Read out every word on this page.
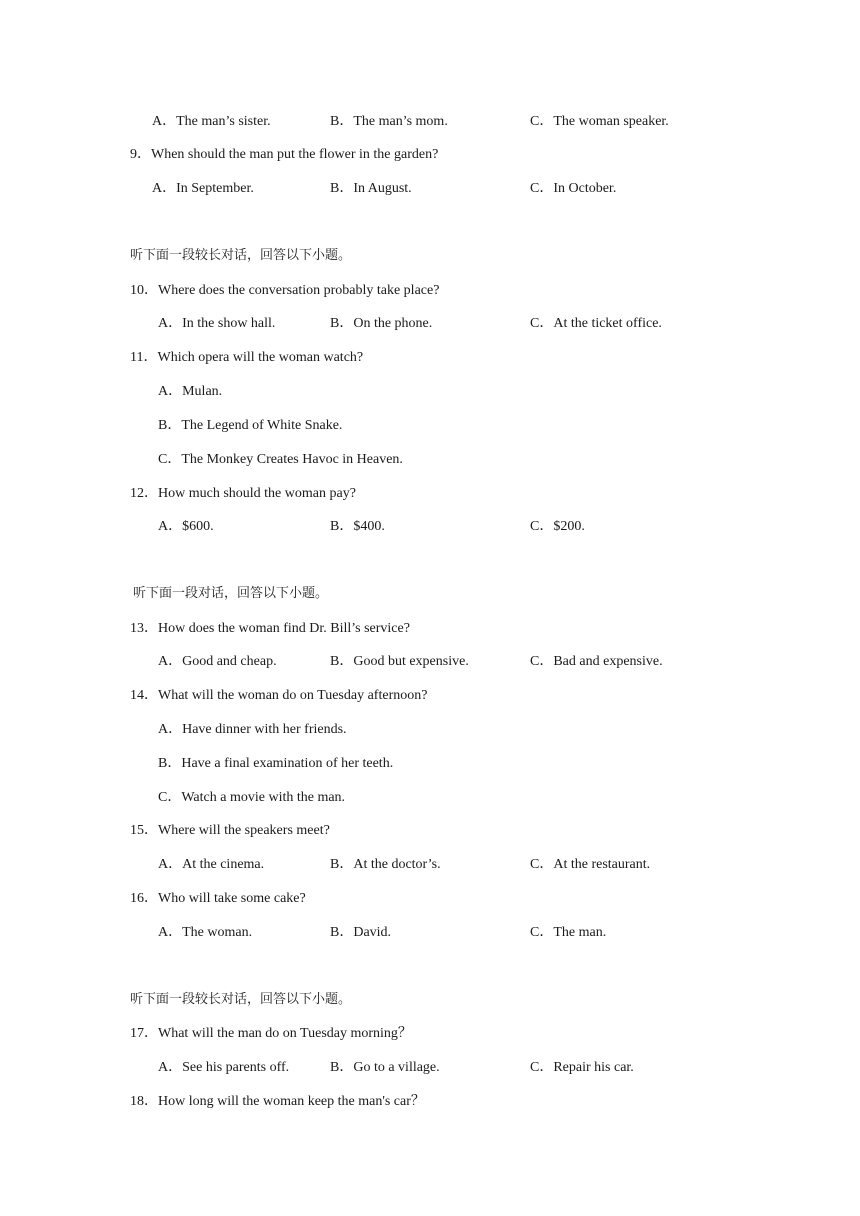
A．The man’s sister.	B．The man’s mom.	C．The woman speaker.
9．When should the man put the flower in the garden?
A．In September.	B．In August.	C．In October.
听下面一段较长对话，回答以下小题。
10．Where does the conversation probably take place?
A．In the show hall.	B．On the phone.	C．At the ticket office.
11．Which opera will the woman watch?
A．Mulan.
B．The Legend of White Snake.
C．The Monkey Creates Havoc in Heaven.
12．How much should the woman pay?
A．$600.	B．$400.	C．$200.
听下面一段对话，回答以下小题。
13．How does the woman find Dr. Bill’s service?
A．Good and cheap.	B．Good but expensive.	C．Bad and expensive.
14．What will the woman do on Tuesday afternoon?
A．Have dinner with her friends.
B．Have a final examination of her teeth.
C．Watch a movie with the man.
15．Where will the speakers meet?
A．At the cinema.	B．At the doctor’s.	C．At the restaurant.
16．Who will take some cake?
A．The woman.	B．David.	C．The man.
听下面一段较长对话，回答以下小题。
17．What will the man do on Tuesday morning？
A．See his parents off.	B．Go to a village.	C．Repair his car.
18．How long will the woman keep the man's car？
